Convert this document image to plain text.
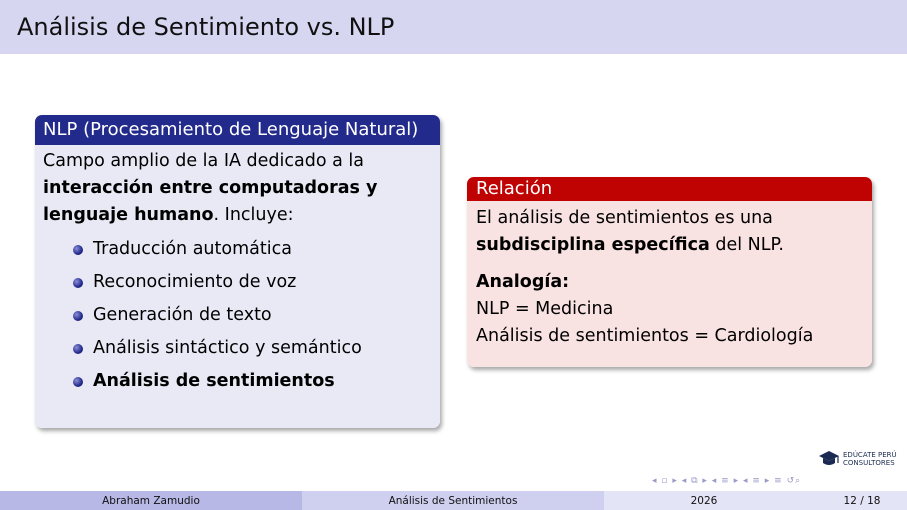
Análisis de Sentimiento vs. NLP
NLP (Procesamiento de Lenguaje Natural)
Campo amplio de la IA dedicado a la interacción entre computadoras y lenguaje humano. Incluye:
Traducción automática
Reconocimiento de voz
Generación de texto
Análisis sintáctico y semántico
Análisis de sentimientos
Relación
El análisis de sentimientos es una subdisciplina específica del NLP.
Analogía:
NLP = Medicina
Análisis de sentimientos = Cardiología
EDÚCATE PERÚ
CONSULTORES
◂ ▫ ▸ ◂ ⧉ ▸ ◂ ≡ ▸ ◂ ≡ ▸ ≡ ↺⌕
Abraham Zamudio	Análisis de Sentimientos	2026	12 / 18
